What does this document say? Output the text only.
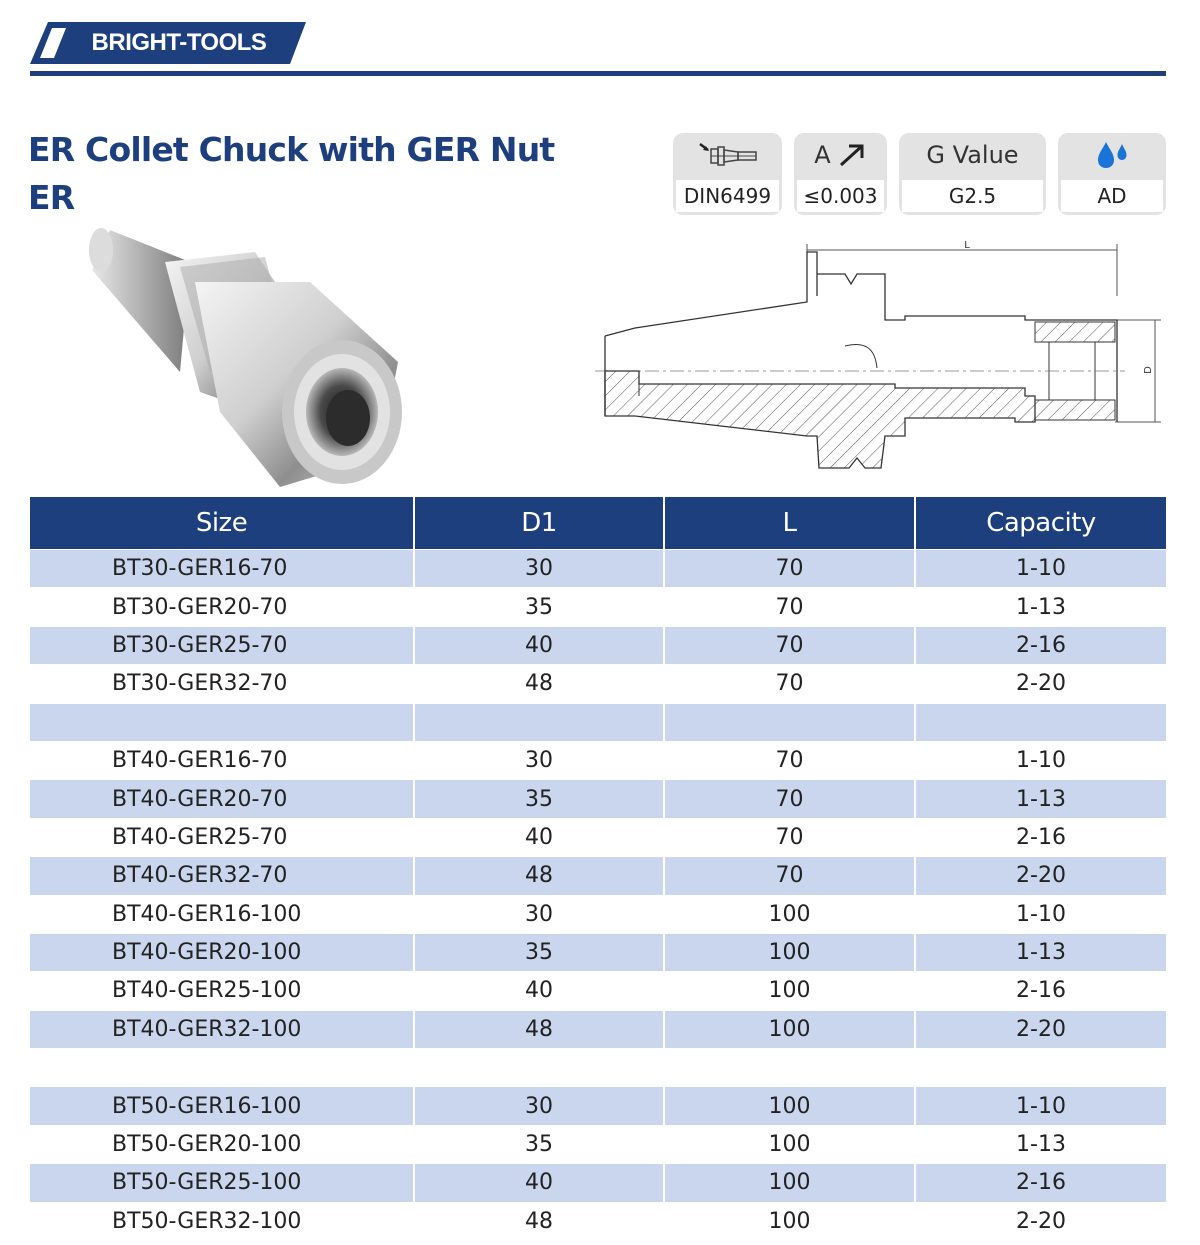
BRIGHT-TOOLS
ER Collet Chuck with GER Nut
ER	DIN6499
A
≤0.003
G Value
G2.5	AD
L
D
Size	D1	L	Capacity
BT30-GER16-70	30	70	1-10
BT30-GER20-70	35	70	1-13
BT30-GER25-70	40	70	2-16
BT30-GER32-70	48	70	2-20

BT40-GER16-70	30	70	1-10
BT40-GER20-70	35	70	1-13
BT40-GER25-70	40	70	2-16
BT40-GER32-70	48	70	2-20
BT40-GER16-100	30	100	1-10
BT40-GER20-100	35	100	1-13
BT40-GER25-100	40	100	2-16
BT40-GER32-100	48	100	2-20

BT50-GER16-100	30	100	1-10
BT50-GER20-100	35	100	1-13
BT50-GER25-100	40	100	2-16
BT50-GER32-100	48	100	2-20
